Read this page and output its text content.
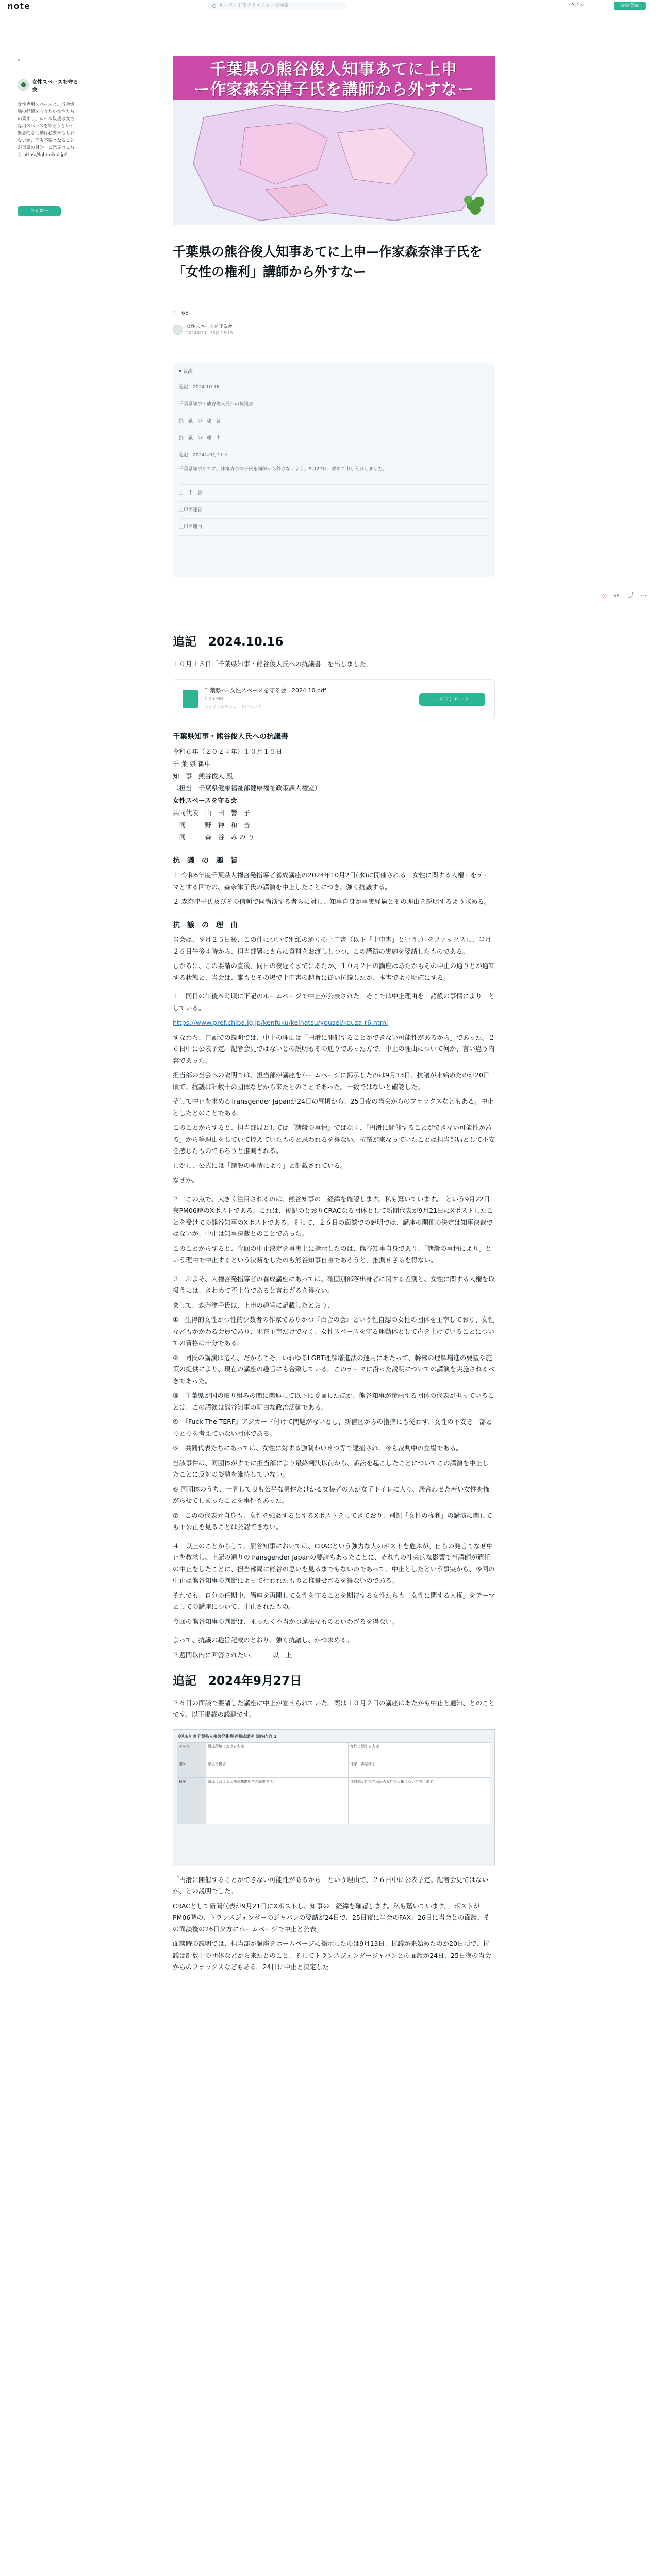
note	キーワードやクリエイターで検索	ログイン	会員登録
S
女性スペースを守る会
女性専用スペースと、当会活動の経緯を守りたい女性たちの集まり。ルール以後は女性専用スペースを守ろうという緊急的な活動は必要かもしれないが、何も不要となることが事業の目的。ご意見はこちら https://lgbtreikal.jp/
フォロー
千葉県の熊谷俊人知事あてに上申
ー作家森奈津子氏を講師から外すなー
千葉県の熊谷俊人知事あてに上申—作家森奈津子氏を「女性の権利」講師から外すなー
♡ 68
女性スペースを守る会
2024年10月15日 16:19
▾ 目次
追記　2024.10.16
千葉県知事・熊谷俊人氏への抗議書
抗　議　の　趣　旨
抗　議　の　理　由
追記　2024年9月27日
千葉県知事あてに、作家森奈津子氏を講師から外さないよう、9月27日、改めて申し入れしました。
上　申　書
上申の趣旨
上申の理由
追記　2024.10.16
１０月１５日「千葉県知事・熊谷俊人氏への抗議書」を出しました。
千葉県へ–女性スペースを守る会　2024.10.pdf
1.05 MB
ファイルダウンロードについて
⤓ ダウンロード
千葉県知事・熊谷俊人氏への抗議書
令和６年（２０２４年）１０月１５日
千 葉 県 御中
知　事　熊谷俊人 殿
（担当　千葉県健康福祉部健康福祉政策課人権室）
女性スペースを守る会
共同代表　山　田　響　子
　同　　　野　神　和　音
　同　　　森　谷　み の り
抗　議　の　趣　旨
１ 令和6年度千葉県人権啓発指導者養成講座の2024年10月2日(水)に開催される「女性に関する人権」をテーマとする回での、森奈津子氏の講演を中止したことにつき、強く抗議する。
２ 森奈津子氏及びその信頼で同講演する者らに対し、知事自身が事実経過とその理由を説明するよう求める。
抗　議　の　理　由
当会は、９月２５日後、この件について別紙の通りの上申書（以下「上申書」という。）をファックスし、当月２６日午後４時から、担当部署にさらに資料をお渡ししつつ、この講演の実施を要請したものである。
しかるに、この要請の直後、同日の夜遅くまでにあたか、１０月２日の講座はあたかもその中止の通りとが通知する状態と、当会は、誰もとその場で上申書の趣旨に従い抗議したが、本書でより明確にする。
１　同日の午後６時頃に下記のホームページで中止が公表された。そこでは中止理由を「諸般の事情により」としている。
https://www.pref.chiba.lg.jp/kenfuku/keihatsu/yousei/kouza-r6.html
すなわち、口頭での説明では、中止の理由は「円滑に開催することができない可能性があるから」であった。２６日中に公表予定。記者会見ではないとの説明もその通りであった方で、中止の理由について何か、言い違う内容であった。
担当部の当会への説明では、担当部が講座をホームページに掲示したのは9月13日、抗議が来始めたのが20日頃で、抗議は計数十の団体などから来たとのことであった。十数ではないと確認した。
そして中止を求めるTransgender Japanが24日の昼頃から、25日夜の当会からのファックスなどもある。中止としたとのことである。
このことからすると、担当部局としては「諸般の事情」ではなく、「円滑に開催することができない可能性がある」から等理由をしていて控えていたものと思われるを得ない。抗議が来なっていたことは担当部局として不安を感じたものであろうと推測される。
しかし、公式には「諸般の事情により」と記載されている。
なぜか。
２　この点で、大きく注目されるのは、熊谷知事の「経緯を確認します。私も驚いています。」という9月22日夜PM06時のXポストである。これは、後記のとおりCRACなる団体として新聞代表が9月21日にXポストしたことを受けての熊谷知事のXポストである。そして、２６日の面談での説明では、講座の開催の決定は知事決裁ではないが、中止は知事決裁とのことであった。
このことからすると、今回の中止決定を事実上に指示したのは、熊谷知事自身であり、「諸般の事情により」という理由で中止するという決断をしたのも熊谷知事自身であろうと、推測せざるを得ない。
３　およそ、人権啓発指導者の養成講座にあっては、確固別部落出身者に関する差別と、女性に関する人権を取扱うには、きわめて不十分であると言わざるを得ない。
まして、森奈津子氏は、上申の趣旨に記載したとおり、
①　生得的女性かつ性的少数者の作家でありかつ『百合の会』という性自認の女性の団体を主宰しており、女性などもかかわる会員であり、現在主宰だけでなく、女性スペースを守る運動体として声を上げていることについての資格は十分である。
②　同氏の講演は選ん、だからこそ、いわゆるLGBT理解増進法の運用にあたって、幹部の理解増進の要望や施策の提供により、現在の講座の趣旨にも合致している。このテーマに沿った説明についての講演を実施されるべきであった。
③　千葉県が国の取り組みの間に関連して以下に委嘱したほか、熊谷知事が参画する団体の代表が担っていることは、この講演は熊谷知事の明白な政治活動である。
④　『Fuck The TERF』アジカード付けて問題がないとし、新宿区からの指摘にも従わず、女性の不安を一部とりとりを考えていない団体である。
⑤　共同代表たちにあっては、女性に対する強制わいせつ等で逮捕され、今も裁判中の立場である。
当該事件は、同団体がすでに担当部により最終判決以前から、訴訟を起こしたことについてこの講演を中止したことに反対の姿勢を維持していない。
⑥ 同団体のうち、一見して良も公平な男性だけかる女装者の入が女子トイレに入り、居合わせた若い女性を怖がらせてしまったことを事件もあった。
⑦　このの代表元自身も、女性を強姦するとするXポストをしてきており、別記「女性の権利」の講演に関しても不公正を見ることは公認できない。
４　以上のことからして、熊谷知事においては、CRACという強力な人のポストを危ぶが、自らの発言でなぜ中止を教求し、上記の通りのTransgender Japanの要請もあったことに、それらの社会的な影響で当講師が適任の中止をしたことに、担当部局に熊谷の思いを見るまでもないのであって、中止としたという事実から、今回の中止は熊谷知事の判断によって行われたものと推量せざるを得ないのである。
それでも、自分の任期中、講座を再開して女性を守ることを期待する女性たちも「女性に関する人権」をテーマとしての講座について、中止されたもの。
今回の熊谷知事の判断は、まったく不当かつ違法なものといわざるを得ない。
よって、抗議の趣旨記載のとおり、強く抗議し、かつ求める。
２週間以内に回答されたい。　　　以　上
追記　2024年9月27日
２６日の面談で要請した講座に中止が宣せられていた。案は１０月２日の講座はあたかも中止と通知、とのことです。以下掲載の議題です。
令和6年度千葉県人権啓発指導者養成講座 講座内容 1
テーマ	職場環境における人権	女性に関する人権
講師	厚生労働省	作家　森奈津子
概要	職場における人権の基礎を学ぶ講座です。	性自認女性の立場から女性の人権について考えます。
「円滑に開催することができない可能性があるから」という理由で、２６日中に公表予定。記者会見ではないが、との説明でした。
CRACとして新聞代表が9月21日にXポストし、知事の「経緯を確認します。私も驚いています。」ポストがPM06時の、トランスジェンダーのジャパンの要請が24日で、25日夜に当会のFAX、26日に当会との面談、その面談後の26日夕方にホームページで中止と公表。
面談時の説明では、担当部が講座をホームページに掲示したのは9月13日、抗議が来始めたのが20日頃で、抗議は計数十の団体などから来たとのこと、そしてトランスジェンダージャパンとの面談が24日、25日夜の当会からのファックスなどもある。24日に中止と決定した
♡ 68 ⤴ ⋯
